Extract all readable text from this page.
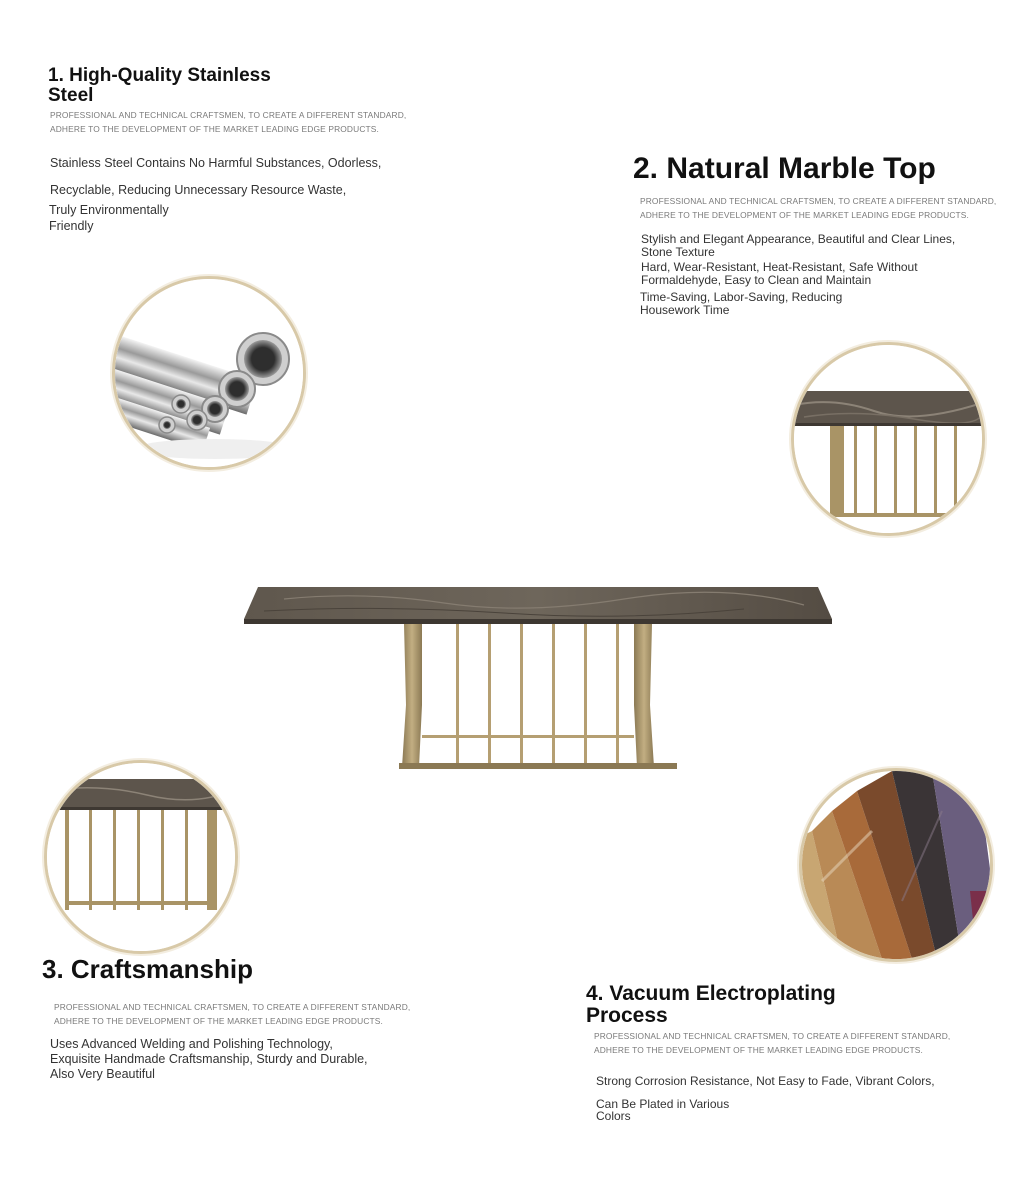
1. High-Quality Stainless Steel
PROFESSIONAL AND TECHNICAL CRAFTSMEN, TO CREATE A DIFFERENT STANDARD,
ADHERE TO THE DEVELOPMENT OF THE MARKET LEADING EDGE PRODUCTS.
Stainless Steel Contains No Harmful Substances, Odorless,
Recyclable, Reducing Unnecessary Resource Waste,
Truly Environmentally Friendly
2. Natural Marble Top
PROFESSIONAL AND TECHNICAL CRAFTSMEN, TO CREATE A DIFFERENT STANDARD,
ADHERE TO THE DEVELOPMENT OF THE MARKET LEADING EDGE PRODUCTS.
Stylish and Elegant Appearance, Beautiful and Clear Lines, Stone Texture
Hard, Wear-Resistant, Heat-Resistant, Safe Without Formaldehyde, Easy to Clean and Maintain
Time-Saving, Labor-Saving, Reducing Housework Time
3. Craftsmanship
PROFESSIONAL AND TECHNICAL CRAFTSMEN, TO CREATE A DIFFERENT STANDARD,
ADHERE TO THE DEVELOPMENT OF THE MARKET LEADING EDGE PRODUCTS.
Uses Advanced Welding and Polishing Technology, Exquisite Handmade Craftsmanship, Sturdy and Durable, Also Very Beautiful
4. Vacuum Electroplating Process
PROFESSIONAL AND TECHNICAL CRAFTSMEN, TO CREATE A DIFFERENT STANDARD,
ADHERE TO THE DEVELOPMENT OF THE MARKET LEADING EDGE PRODUCTS.
Strong Corrosion Resistance, Not Easy to Fade, Vibrant Colors,
Can Be Plated in Various Colors
